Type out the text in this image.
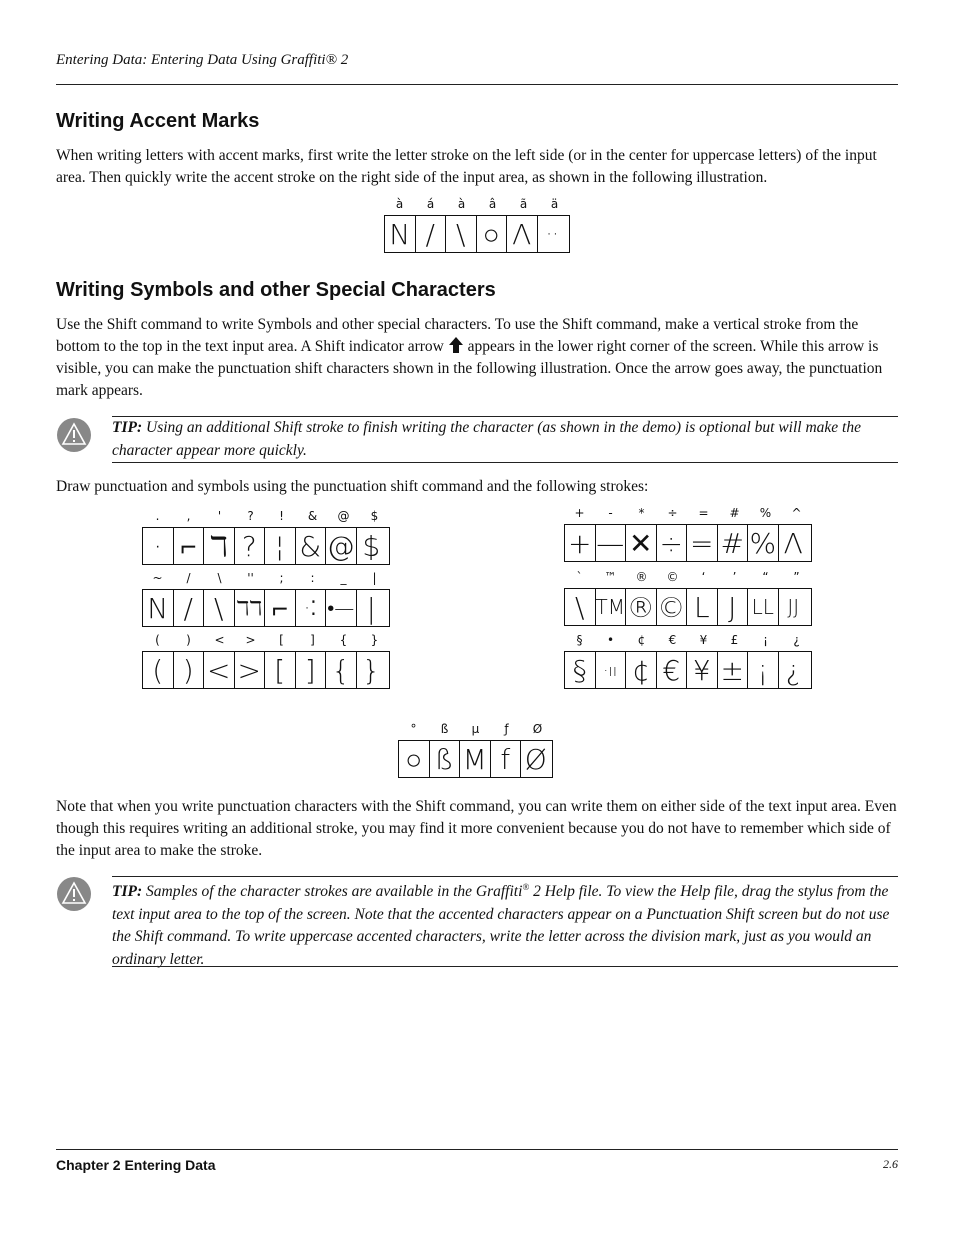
Entering Data: Entering Data Using Graffiti® 2
Writing Accent Marks

When writing letters with accent marks, first write the letter stroke on the left side (or in the center for uppercase letters) of the input area. Then quickly write the accent stroke on the right side of the input area, as shown in the following illustration.

à	á	à	â	ã	ä
N / \ ○ Λ ··
Writing Symbols and other Special Characters

Use the Shift command to write Symbols and other special characters. To use the Shift command, make a vertical stroke from the bottom to the top in the text input area. A Shift indicator arrow appears in the lower right corner of the screen. While this arrow is visible, you can make the punctuation shift characters shown in the following illustration. Once the arrow goes away, the punctuation mark appears.

TIP: Using an additional Shift stroke to finish writing the character (as shown in the demo) is optional but will make the character appear more quickly.

Draw punctuation and symbols using the punctuation shift command and the following strokes:

.	,	'	?	!	&	@	$
· ⌐ ℸ ? ¦ & @ $
~	/	\	''	;	:	_	|
N / \ ℸℸ ⌐ ·⁚ •— |
(	)	<	>	[	]	{	}
( ) < > [ ] { }
+	-	*	÷	=	#	%	^
+ — ✕ ÷ = # % Λ
`	™	®	©	‘	’	“	”
\ TM ® © L J LL JJ
§	•	¢	€	¥	£	¡	¿
§	·ıı ¢ € ¥ ± ¡ ¿
°	ß	µ	ƒ	Ø
○ ß M f Ø

Note that when you write punctuation characters with the Shift command, you can write them on either side of the text input area. Even though this requires writing an additional stroke, you may find it more convenient because you do not have to remember which side of the input area to make the stroke.

TIP: Samples of the character strokes are available in the Graffiti® 2 Help file. To view the Help file, drag the stylus from the text input area to the top of the screen. Note that the accented characters appear on a Punctuation Shift screen but do not use the Shift command. To write uppercase accented characters, write the letter across the division mark, just as you would an ordinary letter.
Chapter 2 Entering Data	2.6
